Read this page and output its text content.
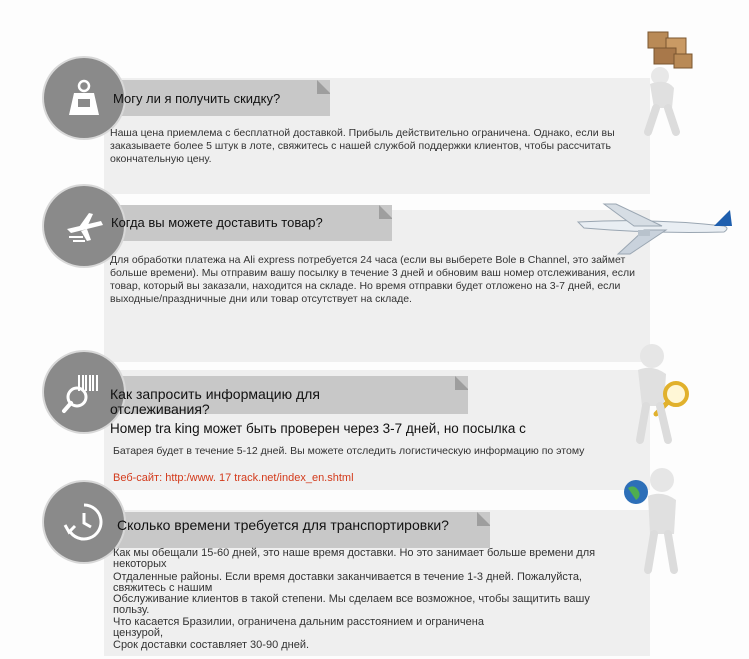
Могу ли я получить скидку?
Наша цена приемлема с бесплатной доставкой. Прибыль действительно ограничена. Однако, если вы заказываете более 5 штук в лоте, свяжитесь с нашей службой поддержки клиентов, чтобы рассчитать окончательную цену.
Когда вы можете доставить товар?
Для обработки платежа на Ali express потребуется 24 часа (если вы выберете Bole в Channel, это займет больше времени). Мы отправим вашу посылку в течение 3 дней и обновим ваш номер отслеживания, если товар, который вы заказали, находится на складе. Но время отправки будет отложено на 3-7 дней, если выходные/праздничные дни или товар отсутствует на складе.
Как запросить информацию для
отслеживания?
Номер tra king может быть проверен через 3-7 дней, но посылка с
Батарея будет в течение 5-12 дней. Вы можете отследить логистическую информацию по этому
Веб-сайт: http:/www. 17 track.net/index_en.shtml
Сколько времени требуется для транспортировки?
Как мы обещали 15-60 дней, это наше время доставки. Но это занимает больше времени для некоторых
Отдаленные районы. Если время доставки заканчивается в течение 1-3 дней. Пожалуйста, свяжитесь с нашим
Обслуживание клиентов в такой степени. Мы сделаем все возможное, чтобы защитить вашу пользу.
Что касается Бразилии, ограничена дальним расстоянием и ограничена цензурой,
Срок доставки составляет 30-90 дней.
